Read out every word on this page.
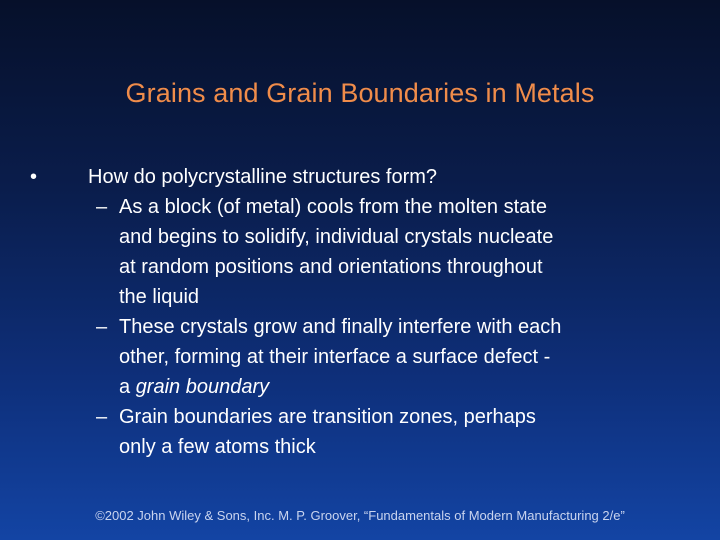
Grains and Grain Boundaries in Metals
•	How do polycrystalline structures form?
– As a block (of metal) cools from the molten state
and begins to solidify, individual crystals nucleate
at random positions and orientations throughout
the liquid
– These crystals grow and finally interfere with each
other, forming at their interface a surface defect ‑
a grain boundary
– Grain boundaries are transition zones, perhaps
only a few atoms thick
©2002 John Wiley & Sons, Inc. M. P. Groover, “Fundamentals of Modern Manufacturing 2/e”
